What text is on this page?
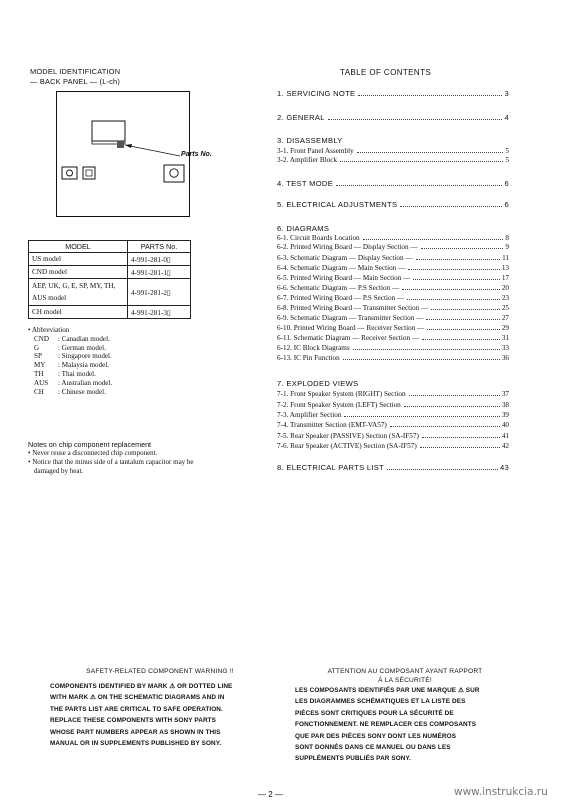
MODEL IDENTIFICATION
— BACK PANEL — (L-ch)
Parts No.
MODEL	PARTS No.
US model	4-991-281-0▯
CND model	4-991-281-1▯
AEP, UK, G, E, SP, MY, TH, AUS model	4-991-281-2▯
CH model	4-991-281-3▯
• Abbreviation
CND : Canadian model.
G	: German model.
SP : Singapore model.
MY : Malaysia model.
TH : Thai model.
AUS : Australian model.
CH : Chinese model.
Notes on chip component replacement
• Never reuse a disconnected chip component.
• Notice that the minus side of a tantalum capacitor may be
damaged by heat.
TABLE OF CONTENTS
1. SERVICING NOTE	3
2. GENERAL	4
3. DISASSEMBLY
3-1. Front Panel Assembly	5
3-2. Amplifier Block	5
4. TEST MODE	6
5. ELECTRICAL ADJUSTMENTS	6
6. DIAGRAMS
6-1. Circuit Boards Location	8
6-2. Printed Wiring Board — Display Section —	9
6-3. Schematic Diagram — Display Section —	11
6-4. Schematic Diagram — Main Section —	13
6-5. Printed Wiring Board — Main Section —	17
6-6. Schematic Diagram — P.S Section —	20
6-7. Printed Wiring Board — P.S Section —	23
6-8. Printed Wiring Board — Transmitter Section —	25
6-9. Schematic Diagram — Transmitter Section —	27
6-10. Printed Wiring Board — Receiver Section —	29
6-11. Schematic Diagram — Receiver Section —	31
6-12. IC Block Diagrams	33
6-13. IC Pin Function	36
7. EXPLODED VIEWS
7-1. Front Speaker System (RIGHT) Section	37
7-2. Front Speaker System (LEFT) Section	38
7-3. Amplifier Section	39
7-4. Transmitter Section (EMT-VA57)	40
7-5. Rear Speaker (PASSIVE) Section (SA-IF57)	41
7-6. Rear Speaker (ACTIVE) Section (SA-IF57)	42
8. ELECTRICAL PARTS LIST	43
SAFETY-RELATED COMPONENT WARNING !!
COMPONENTS IDENTIFIED BY MARK ⚠ OR DOTTED LINE
WITH MARK ⚠ ON THE SCHEMATIC DIAGRAMS AND IN
THE PARTS LIST ARE CRITICAL TO SAFE OPERATION.
REPLACE THESE COMPONENTS WITH SONY PARTS
WHOSE PART NUMBERS APPEAR AS SHOWN IN THIS
MANUAL OR IN SUPPLEMENTS PUBLISHED BY SONY.
ATTENTION AU COMPOSANT AYANT RAPPORT
À LA SÉCURITÉ!
LES COMPOSANTS IDENTIFIÉS PAR UNE MARQUE ⚠ SUR
LES DIAGRAMMES SCHÉMATIQUES ET LA LISTE DES
PIÈCES SONT CRITIQUES POUR LA SÉCURITÉ DE
FONCTIONNEMENT. NE REMPLACER CES COMPOSANTS
QUE PAR DES PIÈCES SONY DONT LES NUMÉROS
SONT DONNÉS DANS CE MANUEL OU DANS LES
SUPPLÉMENTS PUBLIÉS PAR SONY.
— 2 —	www.instrukcia.ru
